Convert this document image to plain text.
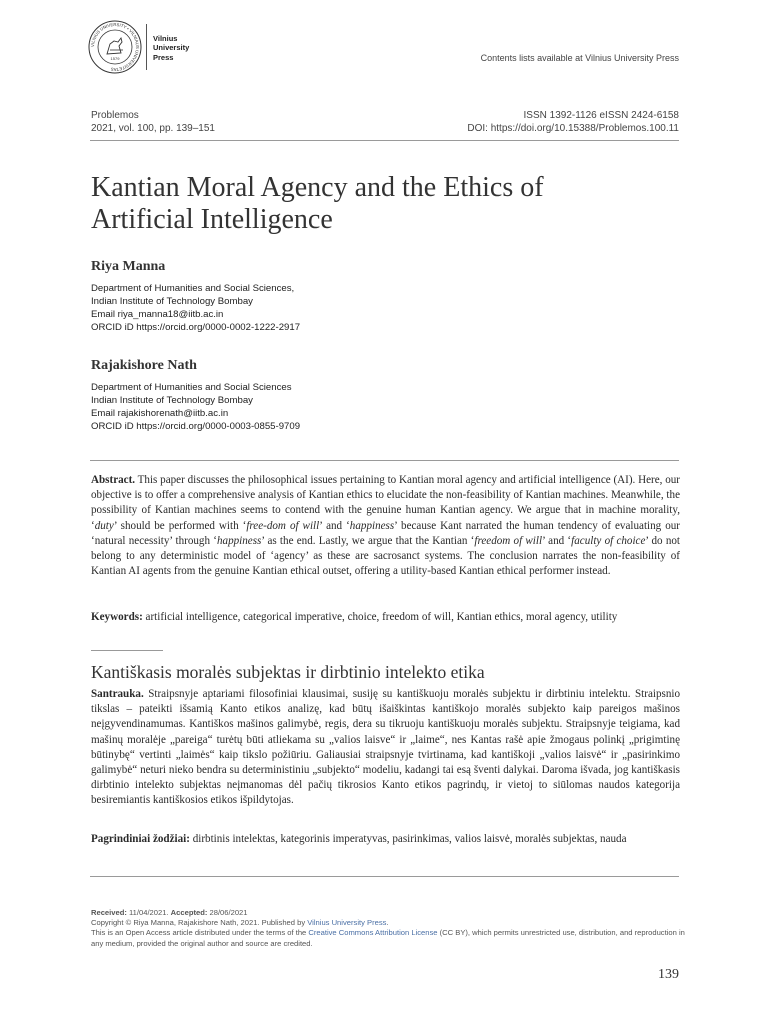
VILNIUS UNIVERSITY • VILNIAUS UNIVERSITETAS
1579
Vilnius
University
Press	Contents lists available at Vilnius University Press
Problemos
2021, vol. 100, pp. 139–151
ISSN 1392-1126 eISSN 2424-6158
DOI: https://doi.org/10.15388/Problemos.100.11
Kantian Moral Agency and the Ethics of Artificial Intelligence
Riya Manna
Department of Humanities and Social Sciences,
Indian Institute of Technology Bombay
Email riya_manna18@iitb.ac.in
ORCID iD https://orcid.org/0000-0002-1222-2917
Rajakishore Nath
Department of Humanities and Social Sciences
Indian Institute of Technology Bombay
Email rajakishorenath@iitb.ac.in
ORCID iD https://orcid.org/0000-0003-0855-9709
Abstract. This paper discusses the philosophical issues pertaining to Kantian moral agency and artificial intelligence (AI). Here, our objective is to offer a comprehensive analysis of Kantian ethics to elucidate the non-feasibility of Kantian machines. Meanwhile, the possibility of Kantian machines seems to contend with the genuine human Kantian agency. We argue that in machine morality, ‘duty’ should be performed with ‘free-dom of will’ and ‘happiness’ because Kant narrated the human tendency of evaluating our ‘natural necessity’ through ‘happiness’ as the end. Lastly, we argue that the Kantian ‘freedom of will’ and ‘faculty of choice’ do not belong to any deterministic model of ‘agency’ as these are sacrosanct systems. The conclusion narrates the non-feasibility of Kantian AI agents from the genuine Kantian ethical outset, offering a utility-based Kantian ethical performer instead.
Keywords: artificial intelligence, categorical imperative, choice, freedom of will, Kantian ethics, moral agency, utility
Kantiškasis moralės subjektas ir dirbtinio intelekto etika
Santrauka. Straipsnyje aptariami filosofiniai klausimai, susiję su kantiškuoju moralės subjektu ir dirbtiniu intelektu. Straipsnio tikslas – pateikti išsamią Kanto etikos analizę, kad būtų išaiškintas kantiškojo moralės subjekto kaip pareigos mašinos neįgyvendinamumas. Kantiškos mašinos galimybė, regis, dera su tikruoju kantiškuoju moralės subjektu. Straipsnyje teigiama, kad mašinų moralėje „pareiga“ turėtų būti atliekama su „valios laisve“ ir „laime“, nes Kantas rašė apie žmogaus polinkį „prigimtinę būtinybę“ vertinti „laimės“ kaip tikslo požiūriu. Galiausiai straipsnyje tvirtinama, kad kantiškoji „valios laisvė“ ir „pasirinkimo galimybė“ neturi nieko bendra su deterministiniu „subjekto“ modeliu, kadangi tai esą šventi dalykai. Daroma išvada, jog kantiškasis dirbtinio intelekto subjektas neįmanomas dėl pačių tikrosios Kanto etikos pagrindų, ir vietoj to siūlomas naudos kategorija besiremiantis kantiškosios etikos išpildytojas.
Pagrindiniai žodžiai: dirbtinis intelektas, kategorinis imperatyvas, pasirinkimas, valios laisvė, moralės subjektas, nauda
Received: 11/04/2021. Accepted: 28/06/2021
Copyright © Riya Manna, Rajakishore Nath, 2021. Published by Vilnius University Press.
This is an Open Access article distributed under the terms of the Creative Commons Attribution License (CC BY), which permits unrestricted use, distribution, and reproduction in any medium, provided the original author and source are credited.
139
